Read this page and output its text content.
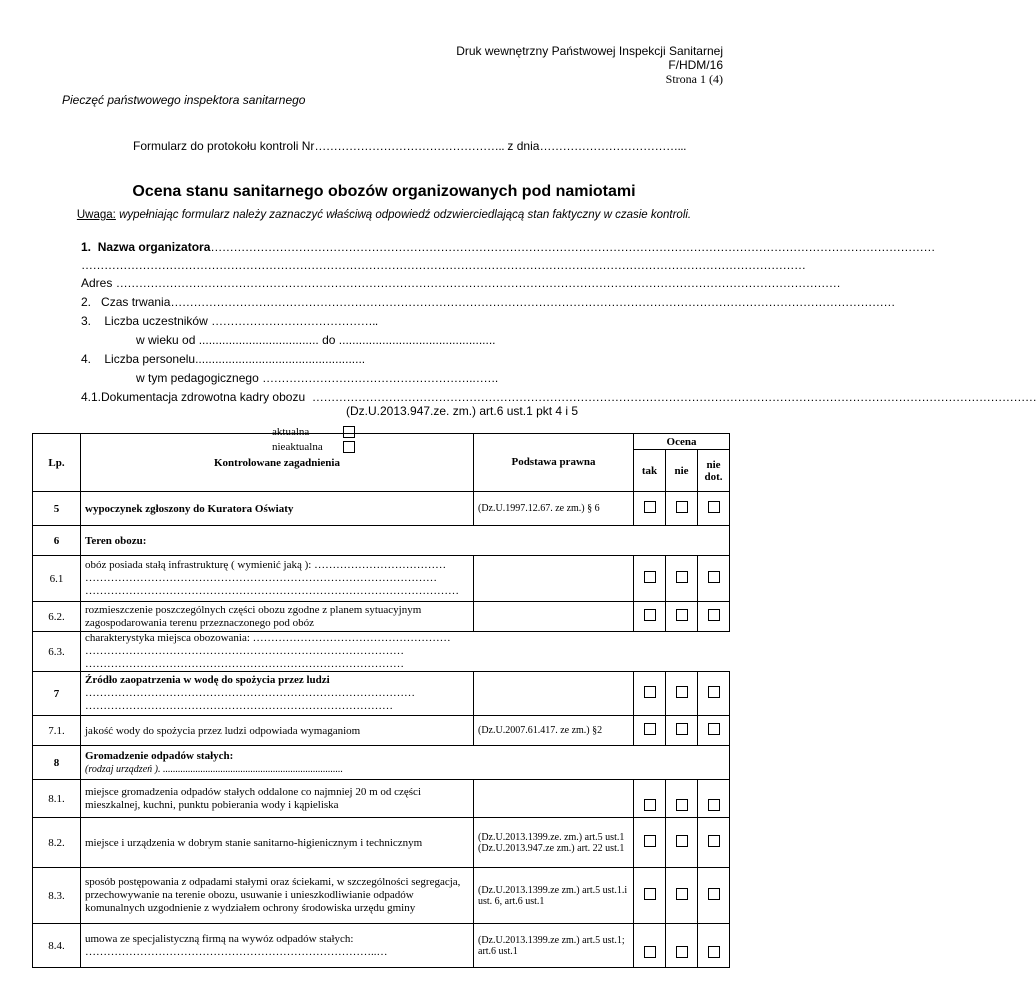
Druk wewnętrzny Państwowej Inspekcji Sanitarnej
F/HDM/16
Strona 1 (4)
Pieczęć państwowego inspektora sanitarnego
Formularz do protokołu kontroli Nr………………………………………….. z dnia………………………………...
Ocena stanu sanitarnego obozów organizowanych pod namiotami
Uwaga: wypełniając formularz należy zaznaczyć właściwą odpowiedź odzwierciedlającą stan faktyczny w czasie kontroli.
1. Nazwa organizatora………………………………………………………………………………………………………………………………………………………………………
………………………………………………………………………………………………………………………………………………………………………
Adres ………………………………………………………………………………………………………………………………………………………………………
2. Czas trwania………………………………………………………………………………………………………………………………………………………………………
3. Liczba uczestników ……………………………………..
w wieku od .................................... do ...............................................
4. Liczba personelu...................................................
w tym pedagogicznego ……………………………………………….…….
4.1.Dokumentacja zdrowotna kadry obozu ………………………………………………………………………………………………………………………………………………………………………
(Dz.U.2013.947.ze. zm.) art.6 ust.1 pkt 4 i 5
aktualna
nieaktualna
Lp.	Kontrolowane zagadnienia	Podstawa prawna	Ocena		
			tak	nie	nie dot.
5	wypoczynek zgłoszony do Kuratora Oświaty	(Dz.U.1997.12.67. ze zm.) § 6			
6	Teren obozu:				
6.1	obóz posiada stałą infrastrukturę ( wymienić jaką ): ……………………………… …………………………………………………………………………………… …………………………………………………………………………………………				
6.2.	rozmieszczenie poszczególnych części obozu zgodne z planem sytuacyjnym zagospodarowania terenu przeznaczonego pod obóz				
6.3.	charakterystyka miejsca obozowania: ……………………………………………… …………………………………………………………………………… ……………………………………………………………………………				
7	Źródło zaopatrzenia w wodę do spożycia przez ludzi
……………………………………………………………………………… …………………………………………………………………………				

7.1.	jakość wody do spożycia przez ludzi odpowiada wymaganiom	(Dz.U.2007.61.417. ze zm.) §2			
8	Gromadzenie odpadów stałych:
(rodzaj urządzeń ). ........................................................................				

8.1.	miejsce gromadzenia odpadów stałych oddalone co najmniej 20 m od części mieszkalnej, kuchni, punktu pobierania wody i kąpieliska				
8.2.	miejsce i urządzenia w dobrym stanie sanitarno-higienicznym i technicznym	(Dz.U.2013.1399.ze. zm.) art.5 ust.1 (Dz.U.2013.947.ze zm.) art. 22 ust.1			
8.3.	sposób postępowania z odpadami stałymi oraz ściekami, w szczególności segregacja, przechowywanie na terenie obozu, usuwanie i unieszkodliwianie odpadów komunalnych uzgodnienie z wydziałem ochrony środowiska urzędu gminy	(Dz.U.2013.1399.ze zm.) art.5 ust.1.i ust. 6, art.6 ust.1			
8.4.	umowa ze specjalistyczną firmą na wywóz odpadów stałych: ……………………………………………………………………..…	(Dz.U.2013.1399.ze zm.) art.5 ust.1; art.6 ust.1			
